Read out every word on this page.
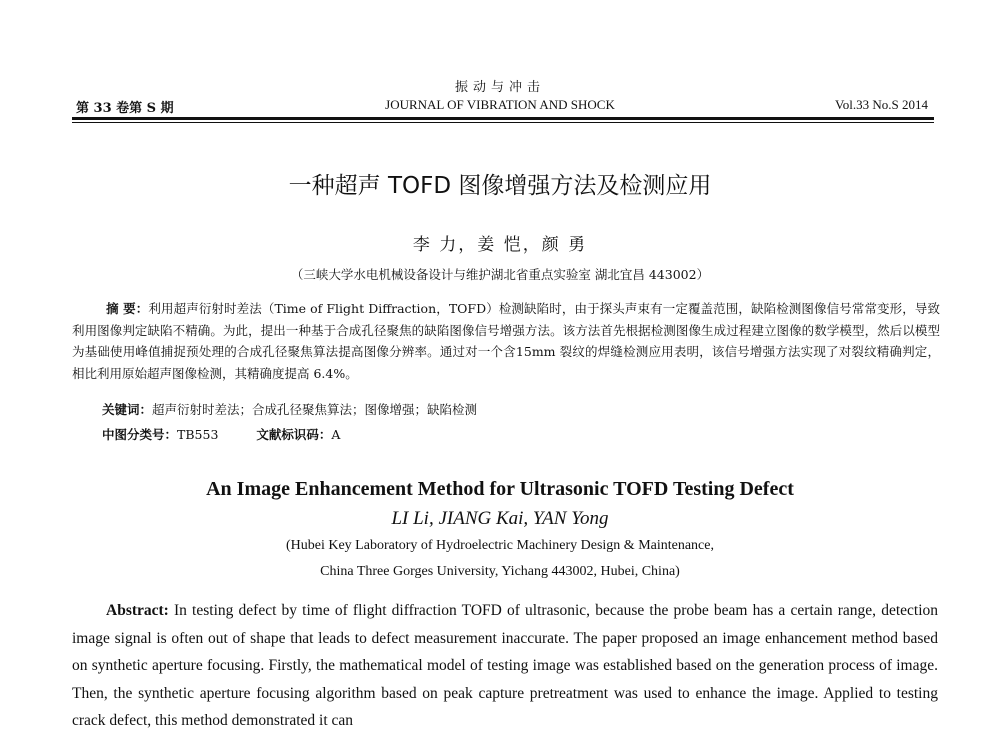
振动与冲击
第 33 卷第 S 期	JOURNAL OF VIBRATION AND SHOCK	Vol.33 No.S 2014
一种超声 TOFD 图像增强方法及检测应用
李 力，姜 恺，颜 勇
（三峡大学水电机械设备设计与维护湖北省重点实验室 湖北宜昌 443002）
摘 要：利用超声衍射时差法（Time of Flight Diffraction，TOFD）检测缺陷时，由于探头声束有一定覆盖范围，缺陷检测图像信号常常变形，导致利用图像判定缺陷不精确。为此，提出一种基于合成孔径聚焦的缺陷图像信号增强方法。该方法首先根据检测图像生成过程建立图像的数学模型，然后以模型为基础使用峰值捕捉预处理的合成孔径聚焦算法提高图像分辨率。通过对一个含15mm 裂纹的焊缝检测应用表明，该信号增强方法实现了对裂纹精确判定，相比利用原始超声图像检测，其精确度提高 6.4%。
关键词：超声衍射时差法；合成孔径聚焦算法；图像增强；缺陷检测
中图分类号：TB553	文献标识码：A
An Image Enhancement Method for Ultrasonic TOFD Testing Defect
LI Li, JIANG Kai, YAN Yong
(Hubei Key Laboratory of Hydroelectric Machinery Design & Maintenance,
China Three Gorges University, Yichang 443002, Hubei, China)
Abstract: In testing defect by time of flight diffraction TOFD of ultrasonic, because the probe beam has a certain range, detection image signal is often out of shape that leads to defect measurement inaccurate. The paper proposed an image enhancement method based on synthetic aperture focusing. Firstly, the mathematical model of testing image was established based on the generation process of image. Then, the synthetic aperture focusing algorithm based on peak capture pretreatment was used to enhance the image. Applied to testing crack defect, this method demonstrated it can
